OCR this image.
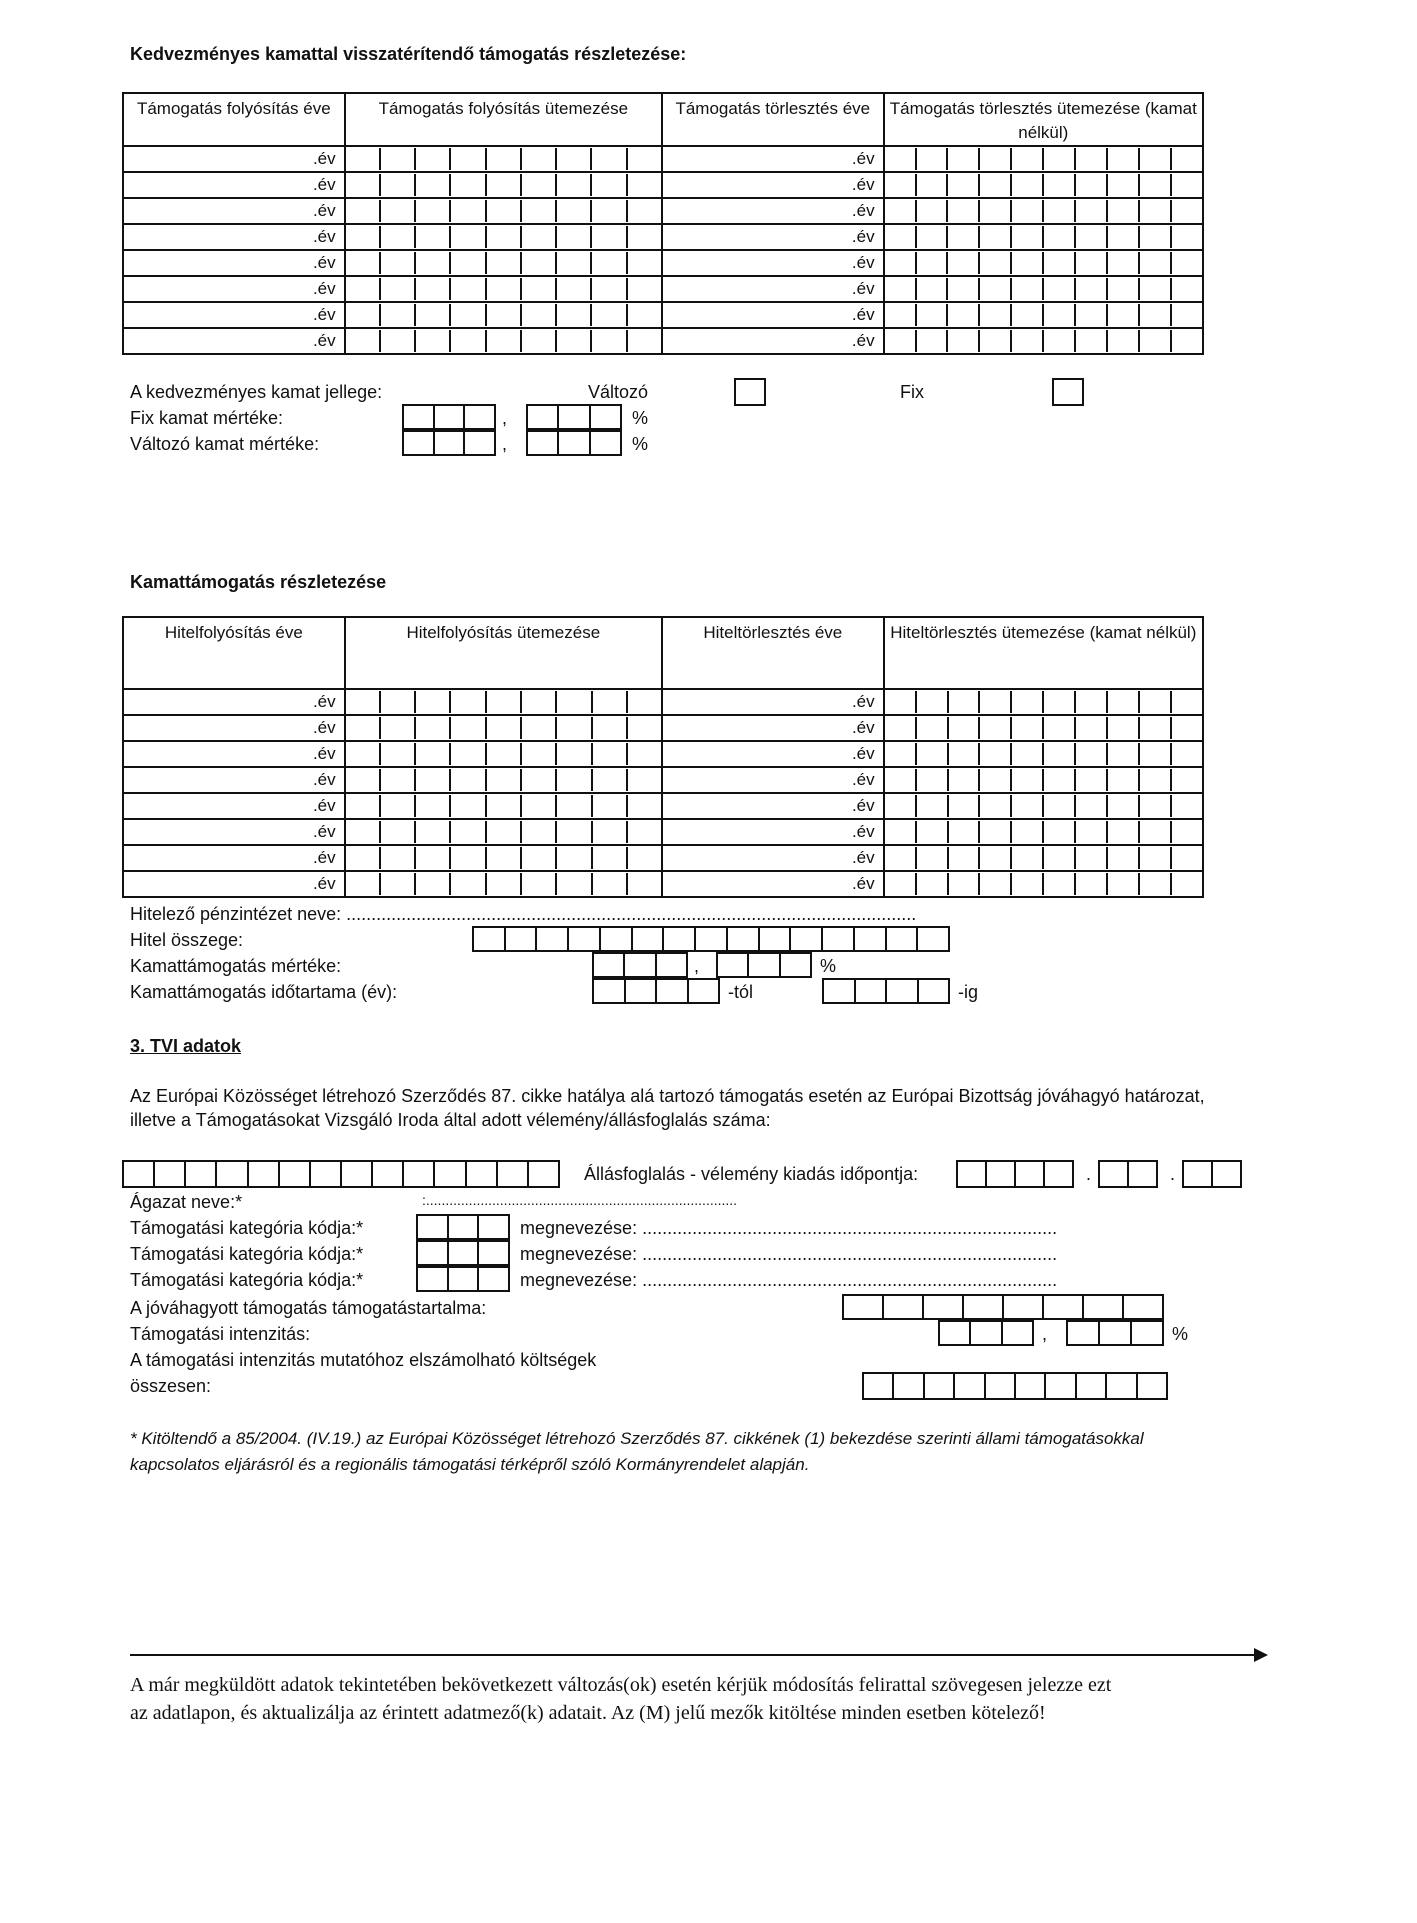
Kedvezményes kamattal visszatérítendő támogatás részletezése:
Támogatás folyósítás éve	Támogatás folyósítás ütemezése	Támogatás törlesztés éve	Támogatás törlesztés ütemezése (kamat nélkül)
.év		.év	

.év		.év	

.év		.év	

.év		.év	

.év		.év	

.év		.év	

.év		.év	

.év		.év	
Kamattámogatás részletezése
Hitelfolyósítás éve	Hitelfolyósítás ütemezése	Hiteltörlesztés éve	Hiteltörlesztés ütemezése (kamat nélkül)
.év		.év	

.év		.év	

.év		.év	

.év		.év	

.év		.év	

.év		.év	

.év		.év	

.év		.év	
A kedvezményes kamat jellege:	Változó	Fix
Fix kamat mértéke:
Változó kamat mértéke:
,	%
,	%
Hitelező pénzintézet neve: ..................................................................................................................
Hitel összege:
Kamattámogatás mértéke:	,	%
Kamattámogatás időtartama (év):	-tól	-ig
3. TVI adatok
Az Európai Közösséget létrehozó Szerződés 87. cikke hatálya alá tartozó támogatás esetén az Európai Bizottság jóváhagyó határozat,
illetve a Támogatásokat Vizsgáló Iroda által adott vélemény/állásfoglalás száma:
Állásfoglalás - vélemény kiadás időpontja:	.	.
Ágazat neve:*	:................................................................................
Támogatási kategória kódja:*	megnevezése: ...................................................................................
Támogatási kategória kódja:*	megnevezése: ...................................................................................
Támogatási kategória kódja:*	megnevezése: ...................................................................................
A jóváhagyott támogatás támogatástartalma:
Támogatási intenzitás:	,	%
A támogatási intenzitás mutatóhoz elszámolható költségek
összesen:
* Kitöltendő a 85/2004. (IV.19.) az Európai Közösséget létrehozó Szerződés 87. cikkének (1) bekezdése szerinti állami támogatásokkal
kapcsolatos eljárásról és a regionális támogatási térképről szóló Kormányrendelet alapján.
A már megküldött adatok tekintetében bekövetkezett változás(ok) esetén kérjük módosítás felirattal szövegesen jelezze ezt
az adatlapon, és aktualizálja az érintett adatmező(k) adatait. Az (M) jelű mezők kitöltése minden esetben kötelező!
